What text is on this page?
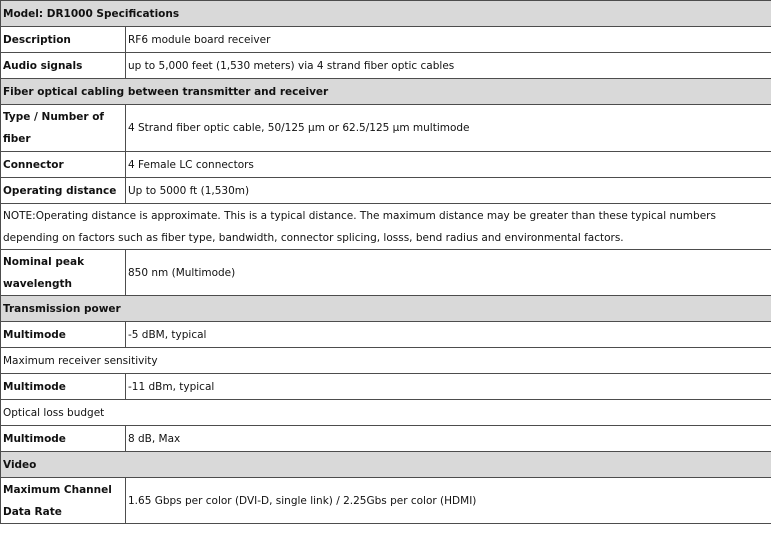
Model: DR1000 Specifications	
Description	RF6 module board receiver
Audio signals	up to 5,000 feet (1,530 meters) via 4 strand fiber optic cables
Fiber optical cabling between transmitter and receiver	
Type / Number of fiber	4 Strand fiber optic cable, 50/125 μm or 62.5/125 μm multimode
Connector	4 Female LC connectors
Operating distance	Up to 5000 ft (1,530m)
NOTE:Operating distance is approximate. This is a typical distance. The maximum distance may be greater than these typical numbers depending on factors such as fiber type, bandwidth, connector splicing, losss, bend radius and environmental factors.	
Nominal peak wavelength	850 nm (Multimode)
Transmission power	
Multimode	-5 dBM, typical
Maximum receiver sensitivity	
Multimode	-11 dBm, typical
Optical loss budget	
Multimode	8 dB, Max
Video	
Maximum Channel Data Rate	1.65 Gbps per color (DVI-D, single link) / 2.25Gbs per color (HDMI)
